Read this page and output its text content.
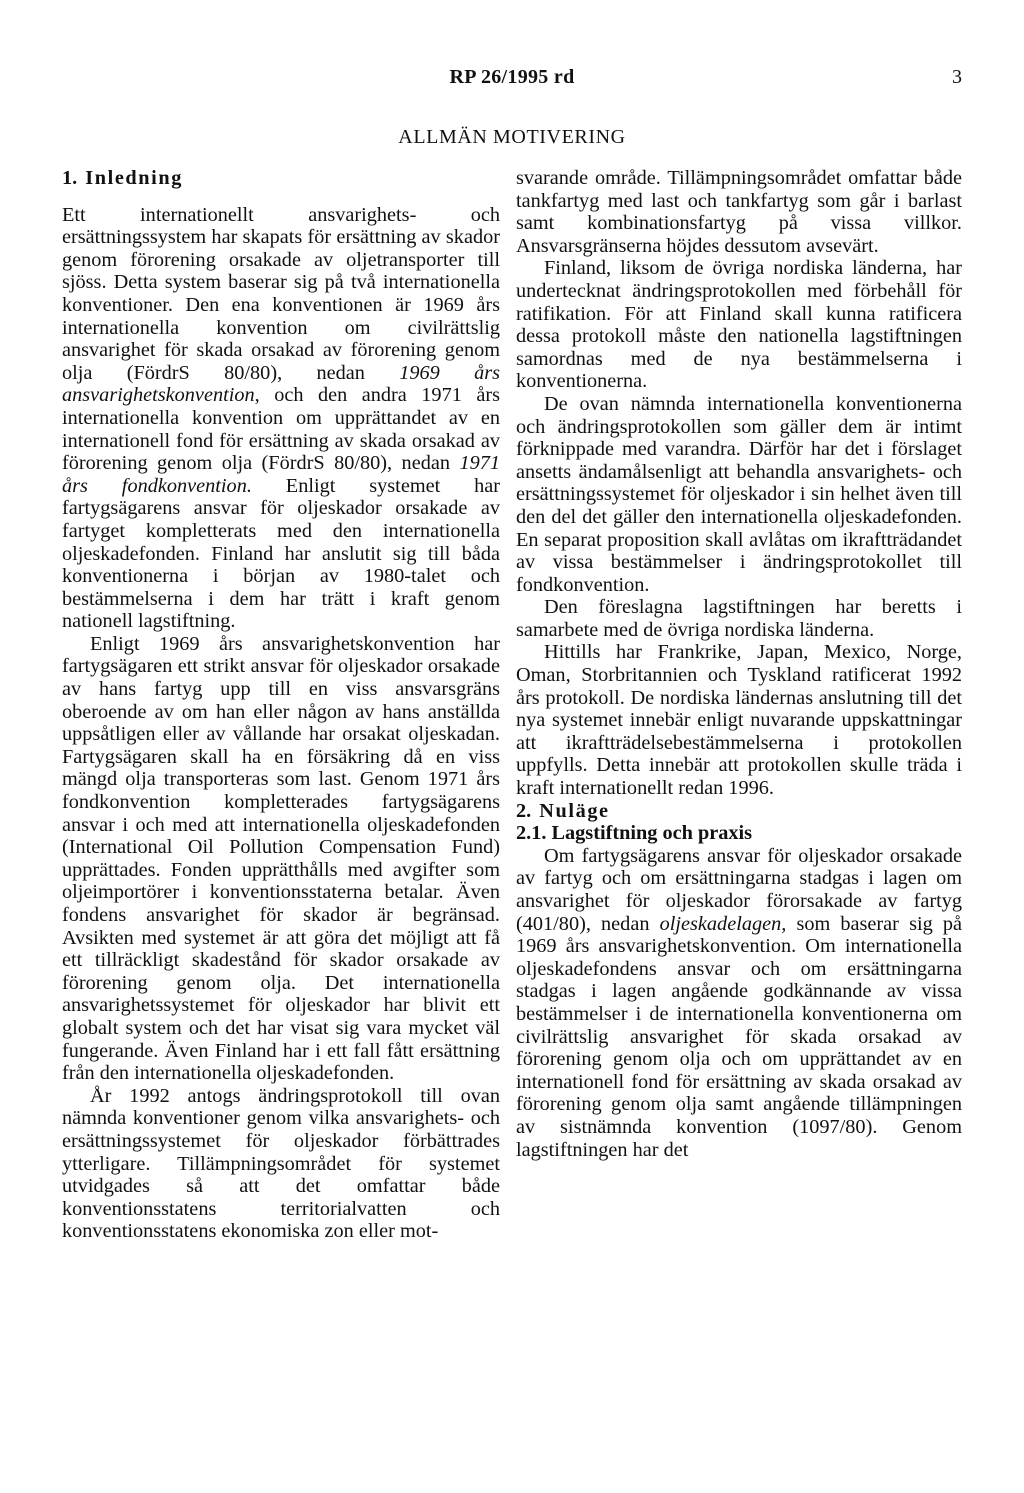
RP 26/1995 rd	3
ALLMÄN MOTIVERING

1. Inledning

Ett internationellt ansvarighets- och ersättningssystem har skapats för ersättning av skador genom förorening orsakade av oljetransporter till sjöss. Detta system baserar sig på två internationella konventioner. Den ena konventionen är 1969 års internationella konvention om civilrättslig ansvarighet för skada orsakad av förorening genom olja (FördrS 80/80), nedan 1969 års ansvarighetskonvention, och den andra 1971 års internationella konvention om upprättandet av en internationell fond för ersättning av skada orsakad av förorening genom olja (FördrS 80/80), nedan 1971 års fondkonvention. Enligt systemet har fartygsägarens ansvar för oljeskador orsakade av fartyget kompletterats med den internationella oljeskadefonden. Finland har anslutit sig till båda konventionerna i början av 1980-talet och bestämmelserna i dem har trätt i kraft genom nationell lagstiftning.

Enligt 1969 års ansvarighetskonvention har fartygsägaren ett strikt ansvar för oljeskador orsakade av hans fartyg upp till en viss ansvarsgräns oberoende av om han eller någon av hans anställda uppsåtligen eller av vållande har orsakat oljeskadan. Fartygsägaren skall ha en försäkring då en viss mängd olja transporteras som last. Genom 1971 års fondkonvention kompletterades fartygsägarens ansvar i och med att internationella oljeskadefonden (International Oil Pollution Compensation Fund) upprättades. Fonden upprätthålls med avgifter som oljeimportörer i konventionsstaterna betalar. Även fondens ansvarighet för skador är begränsad. Avsikten med systemet är att göra det möjligt att få ett tillräckligt skadestånd för skador orsakade av förorening genom olja. Det internationella ansvarighetssystemet för oljeskador har blivit ett globalt system och det har visat sig vara mycket väl fungerande. Även Finland har i ett fall fått ersättning från den internationella oljeskadefonden.

År 1992 antogs ändringsprotokoll till ovan nämnda konventioner genom vilka ansvarighets- och ersättningssystemet för oljeskador förbättrades ytterligare. Tillämpningsområdet för systemet utvidgades så att det omfattar både konventionsstatens territorialvatten och konventionsstatens ekonomiska zon eller mot-

svarande område. Tillämpningsområdet omfattar både tankfartyg med last och tankfartyg som går i barlast samt kombinationsfartyg på vissa villkor. Ansvarsgränserna höjdes dessutom avsevärt.

Finland, liksom de övriga nordiska länderna, har undertecknat ändringsprotokollen med förbehåll för ratifikation. För att Finland skall kunna ratificera dessa protokoll måste den nationella lagstiftningen samordnas med de nya bestämmelserna i konventionerna.

De ovan nämnda internationella konventionerna och ändringsprotokollen som gäller dem är intimt förknippade med varandra. Därför har det i förslaget ansetts ändamålsenligt att behandla ansvarighets- och ersättningssystemet för oljeskador i sin helhet även till den del det gäller den internationella oljeskadefonden. En separat proposition skall avlåtas om ikraftträdandet av vissa bestämmelser i ändringsprotokollet till fondkonvention.

Den föreslagna lagstiftningen har beretts i samarbete med de övriga nordiska länderna.

Hittills har Frankrike, Japan, Mexico, Norge, Oman, Storbritannien och Tyskland ratificerat 1992 års protokoll. De nordiska ländernas anslutning till det nya systemet innebär enligt nuvarande uppskattningar att ikraftträdelsebestämmelserna i protokollen uppfylls. Detta innebär att protokollen skulle träda i kraft internationellt redan 1996.

2. Nuläge

2.1. Lagstiftning och praxis

Om fartygsägarens ansvar för oljeskador orsakade av fartyg och om ersättningarna stadgas i lagen om ansvarighet för oljeskador förorsakade av fartyg (401/80), nedan oljeskadelagen, som baserar sig på 1969 års ansvarighetskonvention. Om internationella oljeskadefondens ansvar och om ersättningarna stadgas i lagen angående godkännande av vissa bestämmelser i de internationella konventionerna om civilrättslig ansvarighet för skada orsakad av förorening genom olja och om upprättandet av en internationell fond för ersättning av skada orsakad av förorening genom olja samt angående tillämpningen av sistnämnda konvention (1097/80). Genom lagstiftningen har det
